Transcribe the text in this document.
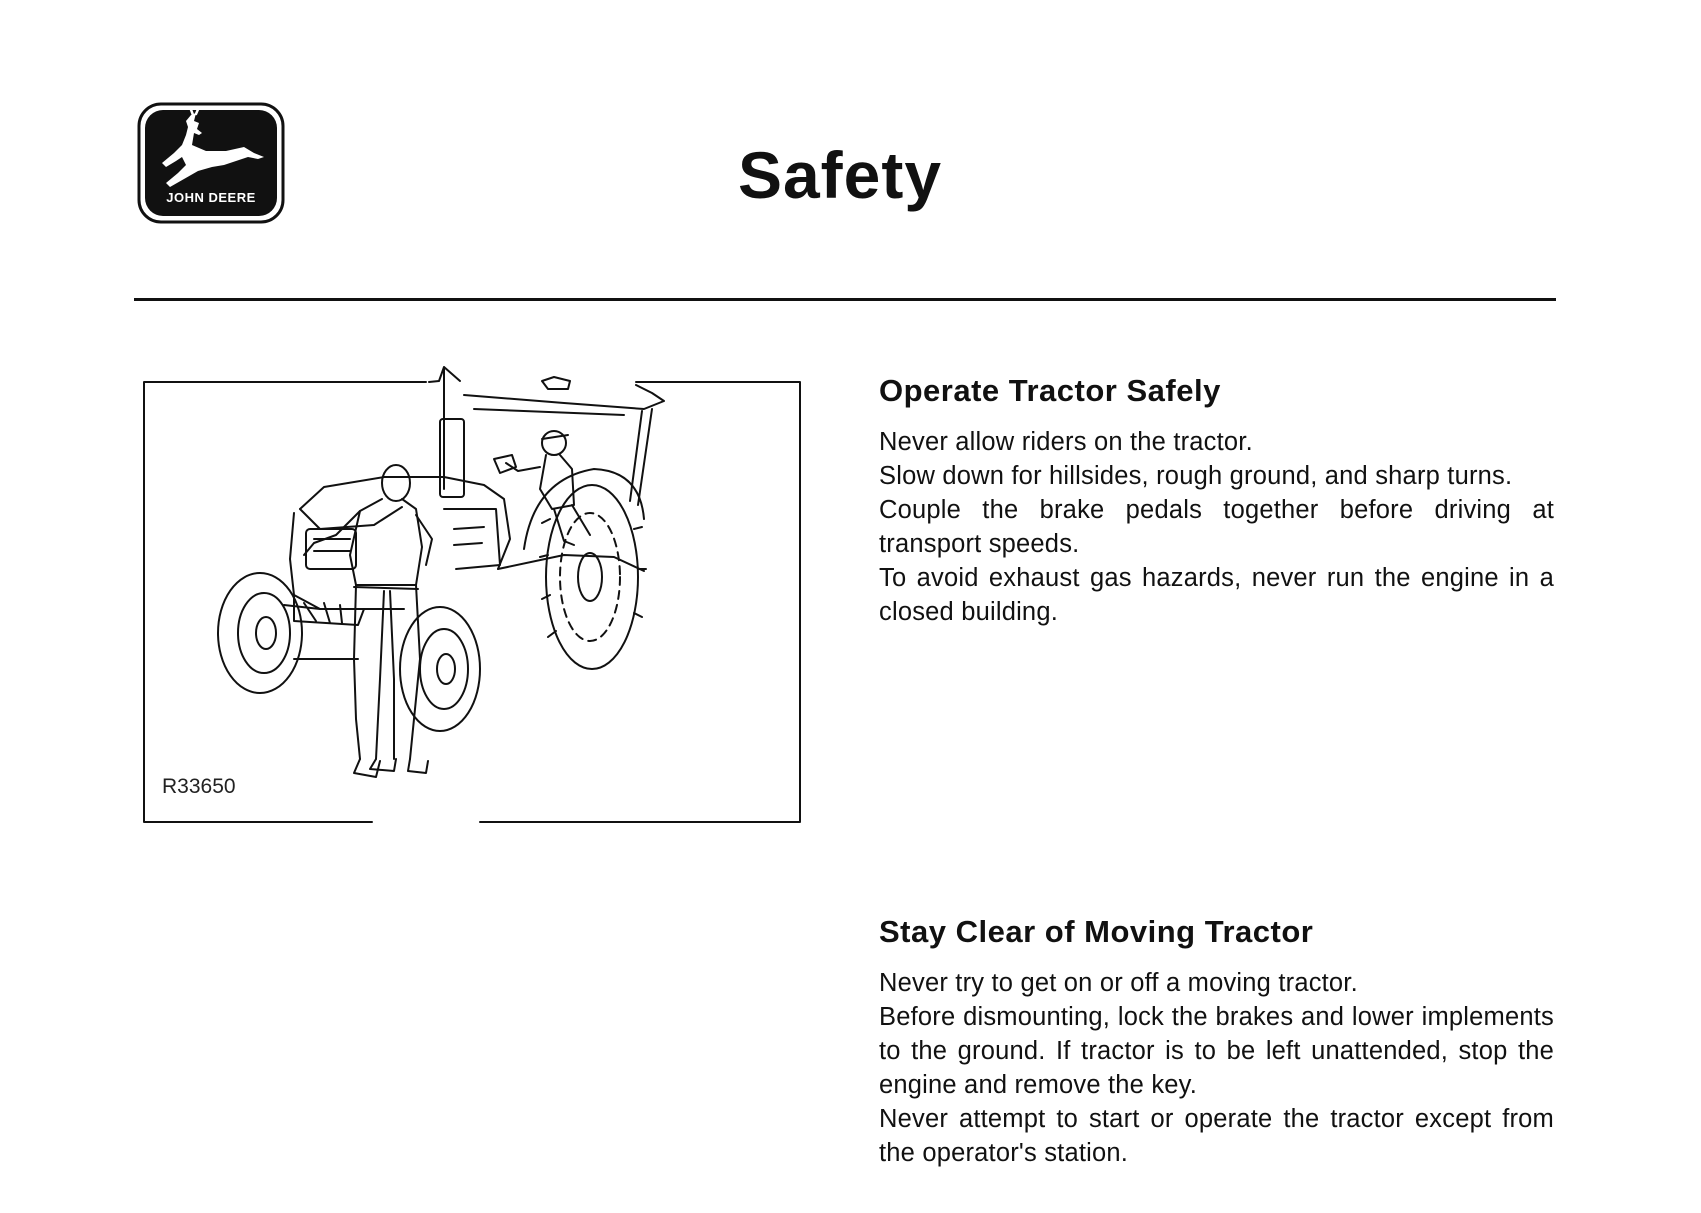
JOHN DEERE	Safety
R33650
Operate Tractor Safely
Never allow riders on the tractor.
Slow down for hillsides, rough ground, and sharp turns.
Couple the brake pedals together before driving at transport speeds.
To avoid exhaust gas hazards, never run the engine in a closed building.
Stay Clear of Moving Tractor
Never try to get on or off a moving tractor.
Before dismounting, lock the brakes and lower implements to the ground. If tractor is to be left unattended, stop the engine and remove the key.
Never attempt to start or operate the tractor except from the operator's station.
